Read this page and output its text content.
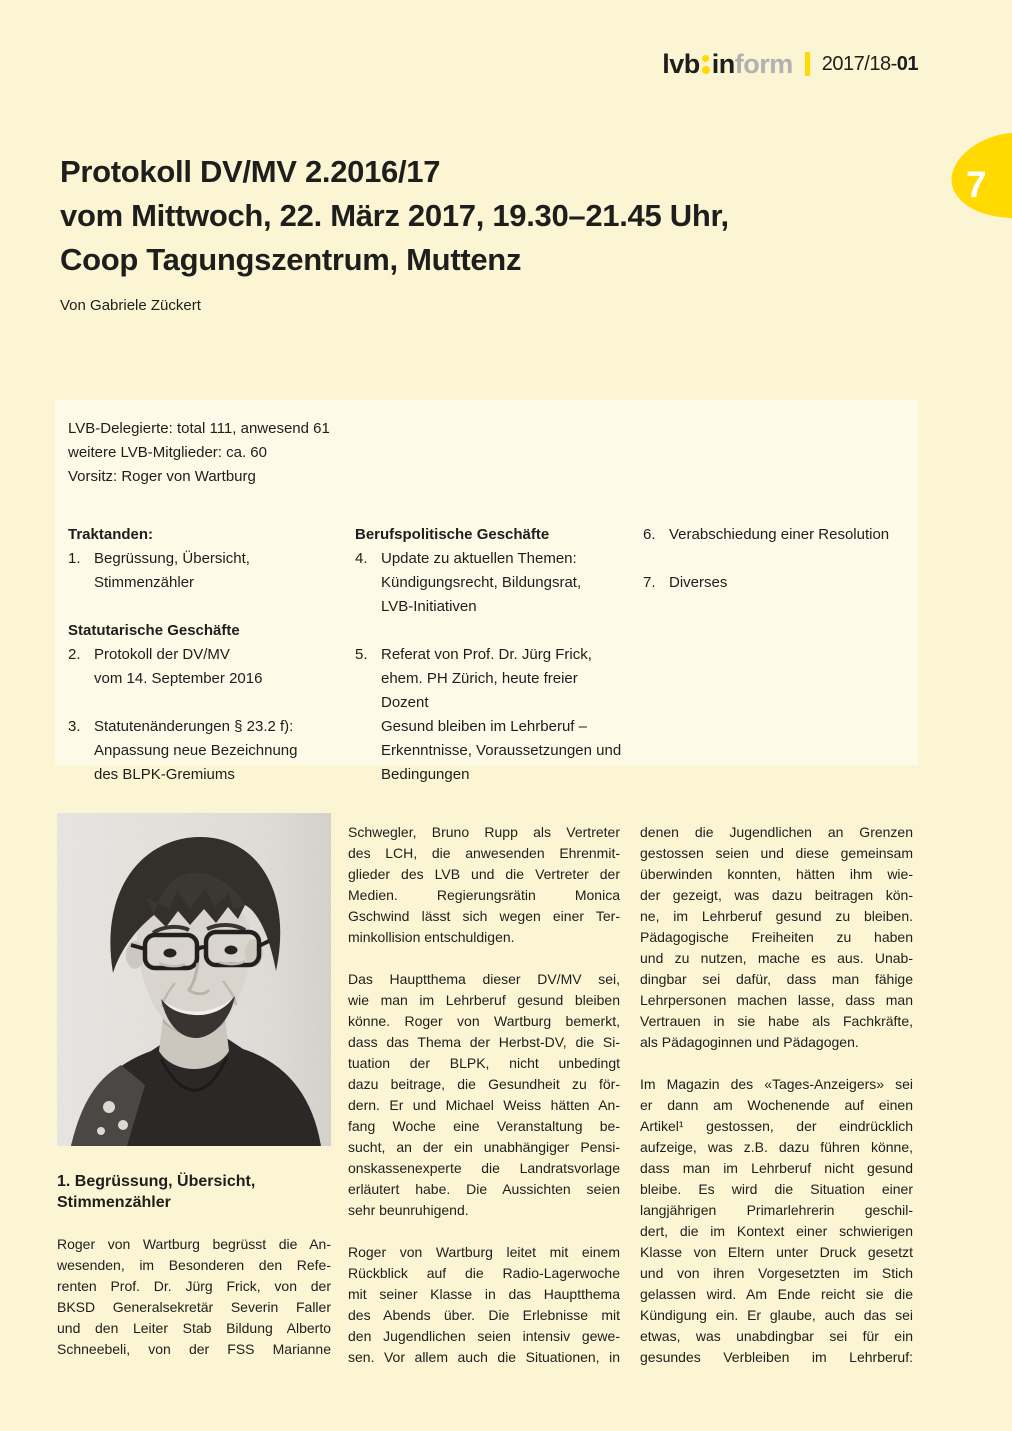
lvb in form 2017/18-01
7
Protokoll DV/MV 2.2016/17
vom Mittwoch, 22. März 2017, 19.30–21.45 Uhr,
Coop Tagungszentrum, Muttenz
Von Gabriele Zückert
LVB-Delegierte: total 111, anwesend 61
weitere LVB-Mitglieder: ca. 60
Vorsitz: Roger von Wartburg
Traktanden:
1. Begrüssung, Übersicht,
Stimmenzähler
Statutarische Geschäfte
2. Protokoll der DV/MV
vom 14. September 2016
3. Statutenänderungen § 23.2 f):
Anpassung neue Bezeichnung
des BLPK-Gremiums
Berufspolitische Geschäfte
4. Update zu aktuellen Themen:
Kündigungsrecht, Bildungsrat,
LVB-Initiativen
5. Referat von Prof. Dr. Jürg Frick,
ehem. PH Zürich, heute freier
Dozent
Gesund bleiben im Lehrberuf –
Erkenntnisse, Voraussetzungen und
Bedingungen
6. Verabschiedung einer Resolution
7. Diverses
1. Begrüssung, Übersicht,
Stimmenzähler
Roger von Wartburg begrüsst die An-
wesenden, im Besonderen den Refe-
renten Prof. Dr. Jürg Frick, von der
BKSD Generalsekretär Severin Faller
und den Leiter Stab Bildung Alberto
Schneebeli, von der FSS Marianne
Schwegler, Bruno Rupp als Vertreter
des LCH, die anwesenden Ehrenmit-
glieder des LVB und die Vertreter der
Medien. Regierungsrätin Monica
Gschwind lässt sich wegen einer Ter-
minkollision entschuldigen.
Das Hauptthema dieser DV/MV sei,
wie man im Lehrberuf gesund bleiben
könne. Roger von Wartburg bemerkt,
dass das Thema der Herbst-DV, die Si-
tuation der BLPK, nicht unbedingt
dazu beitrage, die Gesundheit zu för-
dern. Er und Michael Weiss hätten An-
fang Woche eine Veranstaltung be-
sucht, an der ein unabhängiger Pensi-
onskassenexperte die Landratsvorlage
erläutert habe. Die Aussichten seien
sehr beunruhigend.
Roger von Wartburg leitet mit einem
Rückblick auf die Radio-Lagerwoche
mit seiner Klasse in das Hauptthema
des Abends über. Die Erlebnisse mit
den Jugendlichen seien intensiv gewe-
sen. Vor allem auch die Situationen, in
denen die Jugendlichen an Grenzen
gestossen seien und diese gemeinsam
überwinden konnten, hätten ihm wie-
der gezeigt, was dazu beitragen kön-
ne, im Lehrberuf gesund zu bleiben.
Pädagogische Freiheiten zu haben
und zu nutzen, mache es aus. Unab-
dingbar sei dafür, dass man fähige
Lehrpersonen machen lasse, dass man
Vertrauen in sie habe als Fachkräfte,
als Pädagoginnen und Pädagogen.
Im Magazin des «Tages-Anzeigers» sei
er dann am Wochenende auf einen
Artikel¹ gestossen, der eindrücklich
aufzeige, was z.B. dazu führen könne,
dass man im Lehrberuf nicht gesund
bleibe. Es wird die Situation einer
langjährigen Primarlehrerin geschil-
dert, die im Kontext einer schwierigen
Klasse von Eltern unter Druck gesetzt
und von ihren Vorgesetzten im Stich
gelassen wird. Am Ende reicht sie die
Kündigung ein. Er glaube, auch das sei
etwas, was unabdingbar sei für ein
gesundes Verbleiben im Lehrberuf:
